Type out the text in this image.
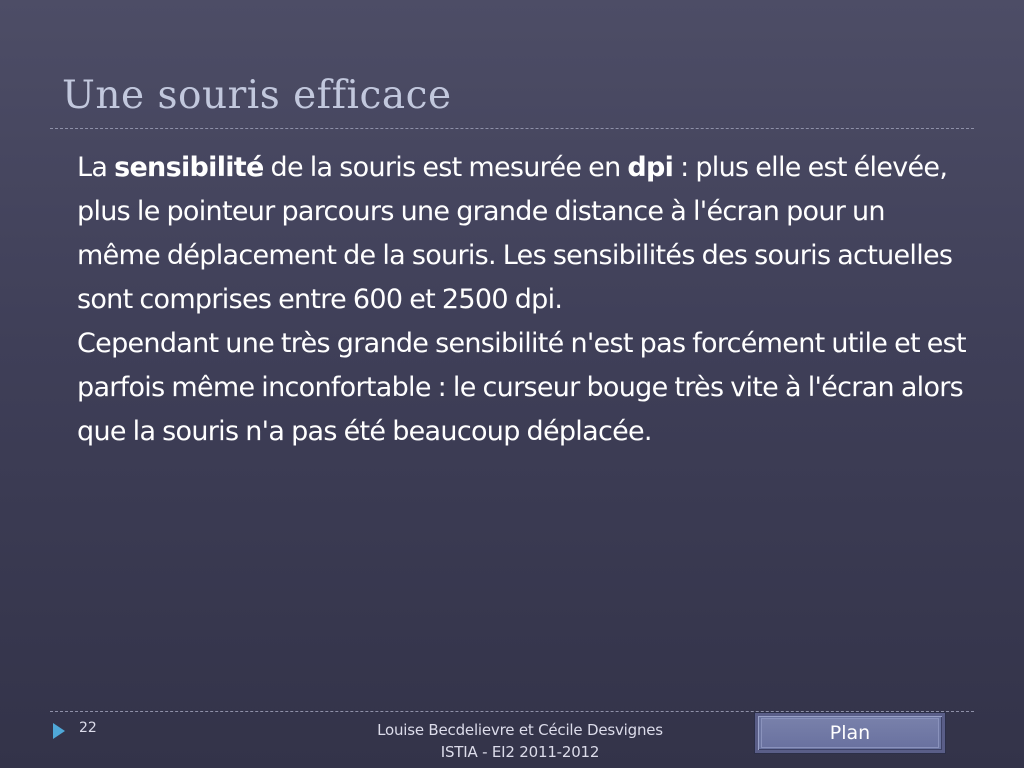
Une souris efficace

La sensibilité de la souris est mesurée en dpi : plus elle est élevée, plus le pointeur parcours une grande distance à l'écran pour un même déplacement de la souris. Les sensibilités des souris actuelles sont comprises entre 600 et 2500 dpi.

Cependant une très grande sensibilité n'est pas forcément utile et est parfois même inconfortable : le curseur bouge très vite à l'écran alors que la souris n'a pas été beaucoup déplacée.

22	Louise Becdelievre et Cécile Desvignes
ISTIA - EI2 2011-2012
Plan
